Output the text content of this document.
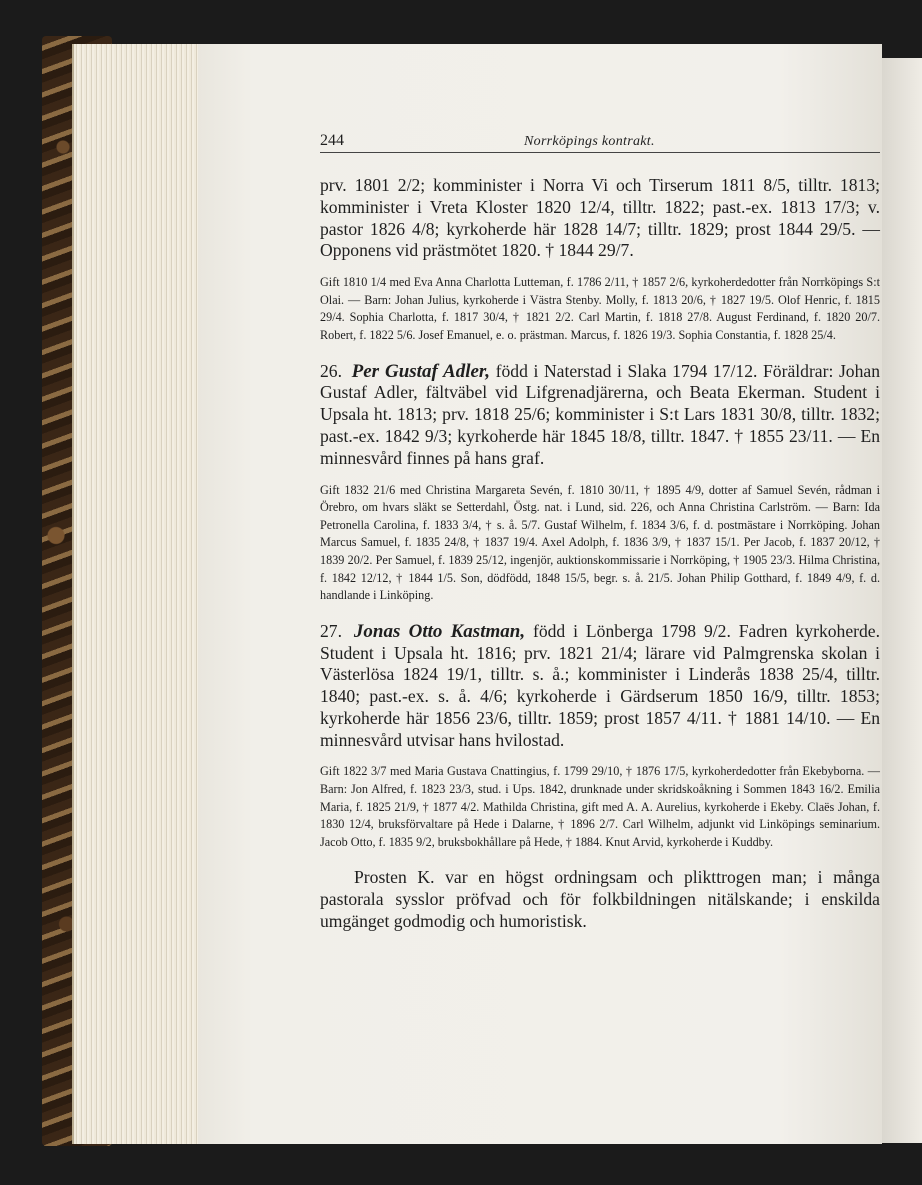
244	Norrköpings kontrakt.

prv. 1801 2/2; komminister i Norra Vi och Tirserum 1811 8/5, tilltr. 1813; komminister i Vreta Kloster 1820 12/4, tilltr. 1822; past.-ex. 1813 17/3; v. pastor 1826 4/8; kyrkoherde här 1828 14/7; tilltr. 1829; prost 1844 29/5. — Opponens vid prästmötet 1820. † 1844 29/7.

Gift 1810 1/4 med Eva Anna Charlotta Lutteman, f. 1786 2/11, † 1857 2/6, kyrkoherdedotter från Norrköpings S:t Olai. — Barn: Johan Julius, kyrkoherde i Västra Stenby. Molly, f. 1813 20/6, † 1827 19/5. Olof Henric, f. 1815 29/4. Sophia Charlotta, f. 1817 30/4, † 1821 2/2. Carl Martin, f. 1818 27/8. August Ferdinand, f. 1820 20/7. Robert, f. 1822 5/6. Josef Emanuel, e. o. prästman. Marcus, f. 1826 19/3. Sophia Constantia, f. 1828 25/4.
26. Per Gustaf Adler, född i Naterstad i Slaka 1794 17/12. Föräldrar: Johan Gustaf Adler, fältväbel vid Lifgrenadjärerna, och Beata Ekerman. Student i Upsala ht. 1813; prv. 1818 25/6; komminister i S:t Lars 1831 30/8, tilltr. 1832; past.-ex. 1842 9/3; kyrkoherde här 1845 18/8, tilltr. 1847. † 1855 23/11. — En minnesvård finnes på hans graf.
Gift 1832 21/6 med Christina Margareta Sevén, f. 1810 30/11, † 1895 4/9, dotter af Samuel Sevén, rådman i Örebro, om hvars släkt se Setterdahl, Östg. nat. i Lund, sid. 226, och Anna Christina Carlström. — Barn: Ida Petronella Carolina, f. 1833 3/4, † s. å. 5/7. Gustaf Wilhelm, f. 1834 3/6, f. d. postmästare i Norrköping. Johan Marcus Samuel, f. 1835 24/8, † 1837 19/4. Axel Adolph, f. 1836 3/9, † 1837 15/1. Per Jacob, f. 1837 20/12, † 1839 20/2. Per Samuel, f. 1839 25/12, ingenjör, auktionskommissarie i Norrköping, † 1905 23/3. Hilma Christina, f. 1842 12/12, † 1844 1/5. Son, dödfödd, 1848 15/5, begr. s. å. 21/5. Johan Philip Gotthard, f. 1849 4/9, f. d. handlande i Linköping.
27. Jonas Otto Kastman, född i Lönberga 1798 9/2. Fadren kyrkoherde. Student i Upsala ht. 1816; prv. 1821 21/4; lärare vid Palmgrenska skolan i Västerlösa 1824 19/1, tilltr. s. å.; komminister i Linderås 1838 25/4, tilltr. 1840; past.-ex. s. å. 4/6; kyrkoherde i Gärdserum 1850 16/9, tilltr. 1853; kyrkoherde här 1856 23/6, tilltr. 1859; prost 1857 4/11. † 1881 14/10. — En minnesvård utvisar hans hvilostad.
Gift 1822 3/7 med Maria Gustava Cnattingius, f. 1799 29/10, † 1876 17/5, kyrkoherdedotter från Ekebyborna. — Barn: Jon Alfred, f. 1823 23/3, stud. i Ups. 1842, drunknade under skridskoåkning i Sommen 1843 16/2. Emilia Maria, f. 1825 21/9, † 1877 4/2. Mathilda Christina, gift med A. A. Aurelius, kyrkoherde i Ekeby. Claës Johan, f. 1830 12/4, bruksförvaltare på Hede i Dalarne, † 1896 2/7. Carl Wilhelm, adjunkt vid Linköpings seminarium. Jacob Otto, f. 1835 9/2, bruksbokhållare på Hede, † 1884. Knut Arvid, kyrkoherde i Kuddby.
Prosten K. var en högst ordningsam och plikttrogen man; i många pastorala sysslor pröfvad och för folkbildningen nitälskande; i enskilda umgänget godmodig och humoristisk.
